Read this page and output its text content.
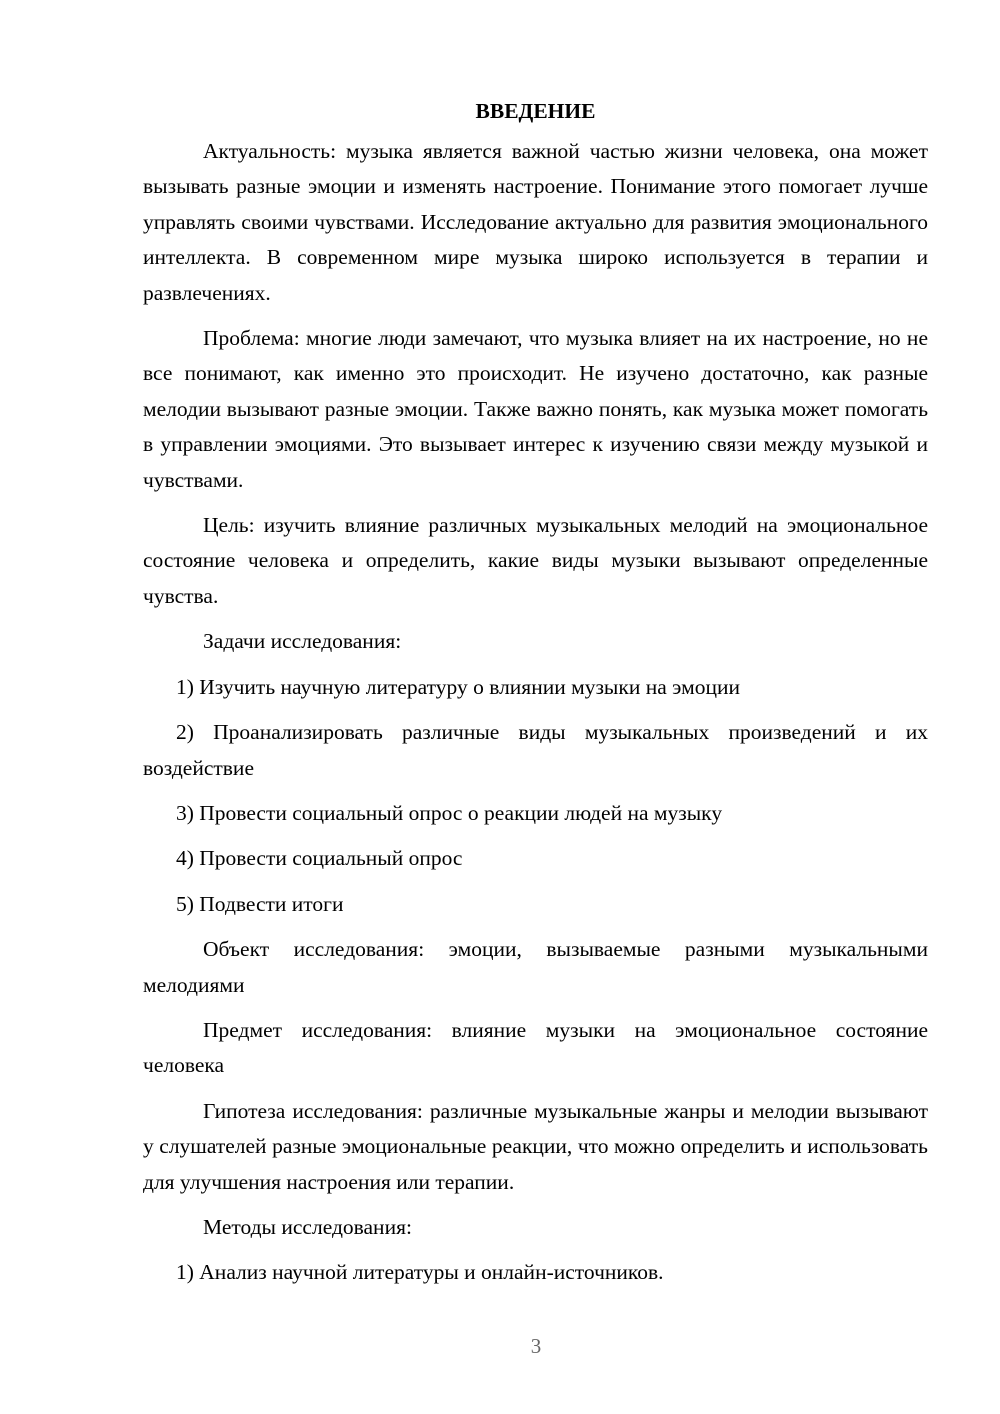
ВВЕДЕНИЕ

Актуальность: музыка является важной частью жизни человека, она может вызывать разные эмоции и изменять настроение. Понимание этого помогает лучше управлять своими чувствами. Исследование актуально для развития эмоционального интеллекта. В современном мире музыка широко используется в терапии и развлечениях.

Проблема: многие люди замечают, что музыка влияет на их настроение, но не все понимают, как именно это происходит. Не изучено достаточно, как разные мелодии вызывают разные эмоции. Также важно понять, как музыка может помогать в управлении эмоциями. Это вызывает интерес к изучению связи между музыкой и чувствами.

Цель: изучить влияние различных музыкальных мелодий на эмоциональное состояние человека и определить, какие виды музыки вызывают определенные чувства.

Задачи исследования:

1) Изучить научную литературу о влиянии музыки на эмоции

2) Проанализировать различные виды музыкальных произведений и их воздействие

3) Провести социальный опрос о реакции людей на музыку

4) Провести социальный опрос

5) Подвести итоги

Объект исследования: эмоции, вызываемые разными музыкальными мелодиями

Предмет исследования: влияние музыки на эмоциональное состояние человека

Гипотеза исследования: различные музыкальные жанры и мелодии вызывают у слушателей разные эмоциональные реакции, что можно определить и использовать для улучшения настроения или терапии.

Методы исследования:

1) Анализ научной литературы и онлайн-источников.

3
